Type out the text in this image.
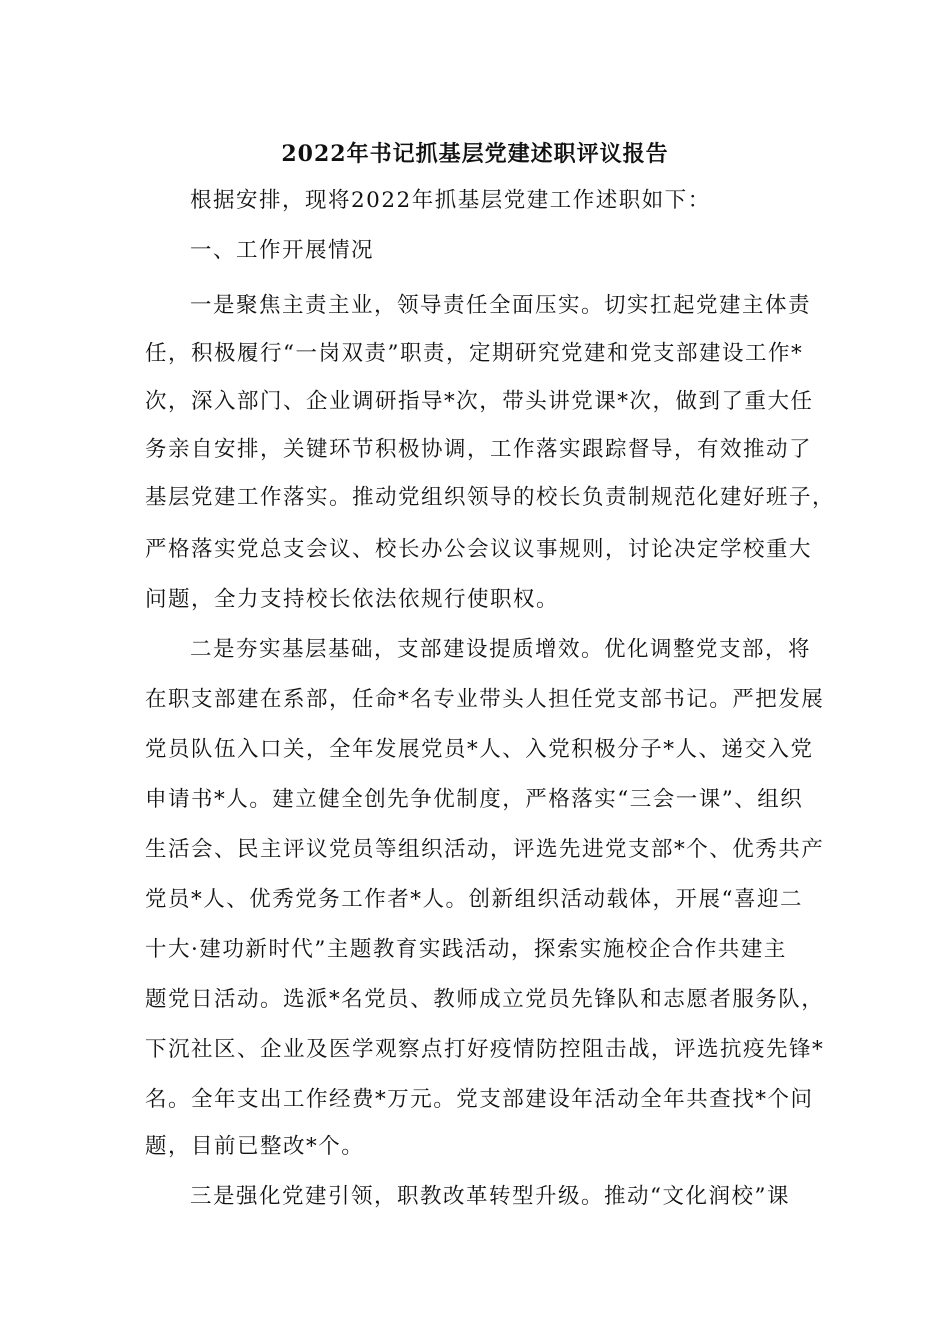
2022年书记抓基层党建述职评议报告
根据安排，现将2022年抓基层党建工作述职如下：
一、工作开展情况
一是聚焦主责主业，领导责任全面压实。切实扛起党建主体责
任，积极履行“一岗双责”职责，定期研究党建和党支部建设工作*
次，深入部门、企业调研指导*次，带头讲党课*次，做到了重大任
务亲自安排，关键环节积极协调，工作落实跟踪督导，有效推动了
基层党建工作落实。推动党组织领导的校长负责制规范化建好班子，
严格落实党总支会议、校长办公会议议事规则，讨论决定学校重大
问题，全力支持校长依法依规行使职权。
二是夯实基层基础，支部建设提质增效。优化调整党支部，将
在职支部建在系部，任命*名专业带头人担任党支部书记。严把发展
党员队伍入口关，全年发展党员*人、入党积极分子*人、递交入党
申请书*人。建立健全创先争优制度，严格落实“三会一课”、组织
生活会、民主评议党员等组织活动，评选先进党支部*个、优秀共产
党员*人、优秀党务工作者*人。创新组织活动载体，开展“喜迎二
十大·建功新时代”主题教育实践活动，探索实施校企合作共建主
题党日活动。选派*名党员、教师成立党员先锋队和志愿者服务队，
下沉社区、企业及医学观察点打好疫情防控阻击战，评选抗疫先锋*
名。全年支出工作经费*万元。党支部建设年活动全年共查找*个问
题，目前已整改*个。
三是强化党建引领，职教改革转型升级。推动“文化润校”课
